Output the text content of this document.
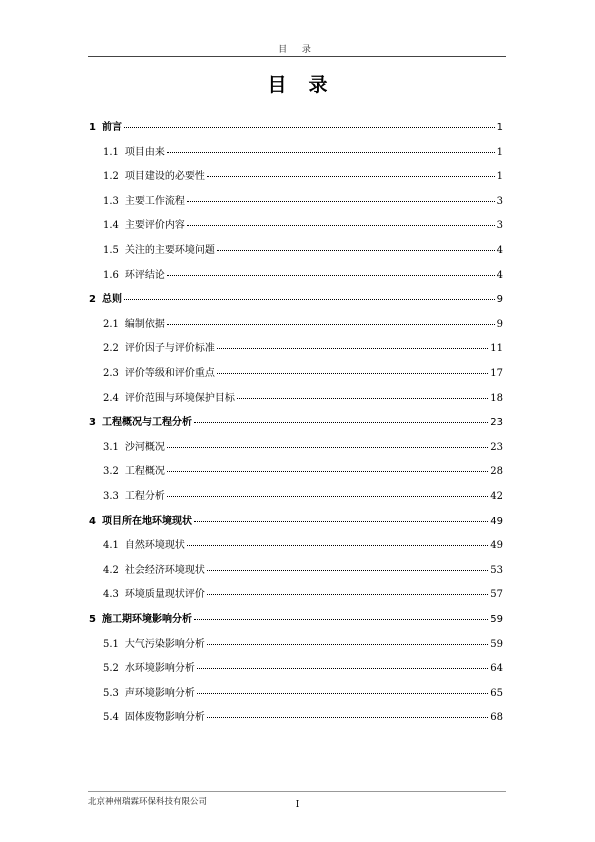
目 录
目录
1 前言	1
1.1 项目由来	1
1.2 项目建设的必要性	1
1.3 主要工作流程	3
1.4 主要评价内容	3
1.5 关注的主要环境问题	4
1.6 环评结论	4
2 总则	9
2.1 编制依据	9
2.2 评价因子与评价标准	11
2.3 评价等级和评价重点	17
2.4 评价范围与环境保护目标	18
3 工程概况与工程分析	23
3.1 沙河概况	23
3.2 工程概况	28
3.3 工程分析	42
4 项目所在地环境现状	49
4.1 自然环境现状	49
4.2 社会经济环境现状	53
4.3 环境质量现状评价	57
5 施工期环境影响分析	59
5.1 大气污染影响分析	59
5.2 水环境影响分析	64
5.3 声环境影响分析	65
5.4 固体废物影响分析	68
北京神州瑞霖环保科技有限公司	I
